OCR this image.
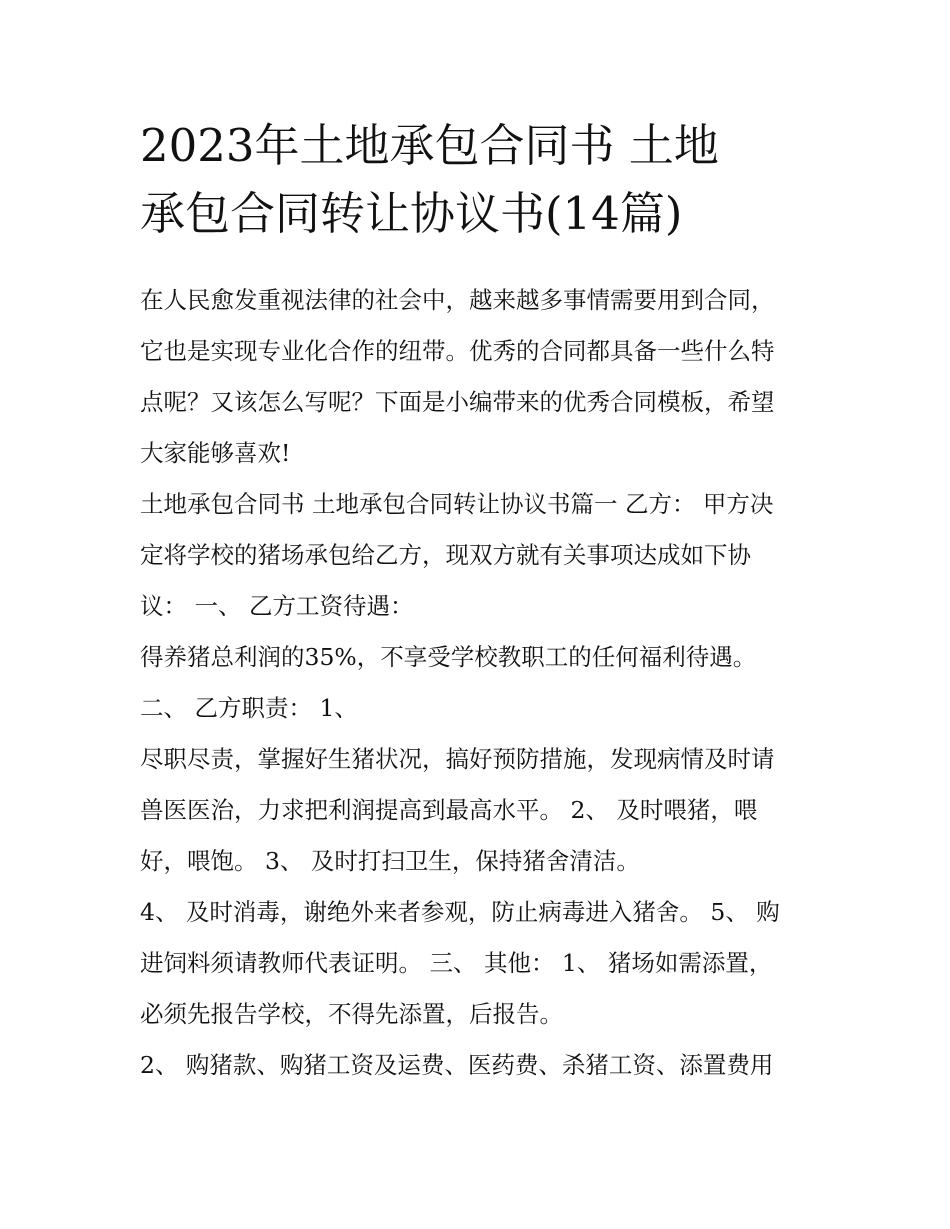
2023年土地承包合同书 土地
承包合同转让协议书(14篇)
在人民愈发重视法律的社会中，越来越多事情需要用到合同，
它也是实现专业化合作的纽带。优秀的合同都具备一些什么特
点呢？又该怎么写呢？下面是小编带来的优秀合同模板，希望
大家能够喜欢!
土地承包合同书 土地承包合同转让协议书篇一 乙方： 甲方决
定将学校的猪场承包给乙方，现双方就有关事项达成如下协
议： 一、 乙方工资待遇：
得养猪总利润的35%，不享受学校教职工的任何福利待遇。
二、 乙方职责： 1、
尽职尽责，掌握好生猪状况，搞好预防措施，发现病情及时请
兽医医治，力求把利润提高到最高水平。 2、 及时喂猪，喂
好，喂饱。 3、 及时打扫卫生，保持猪舍清洁。
4、 及时消毒，谢绝外来者参观，防止病毒进入猪舍。 5、 购
进饲料须请教师代表证明。 三、 其他： 1、 猪场如需添置，
必须先报告学校，不得先添置，后报告。
2、 购猪款、购猪工资及运费、医药费、杀猪工资、添置费用
